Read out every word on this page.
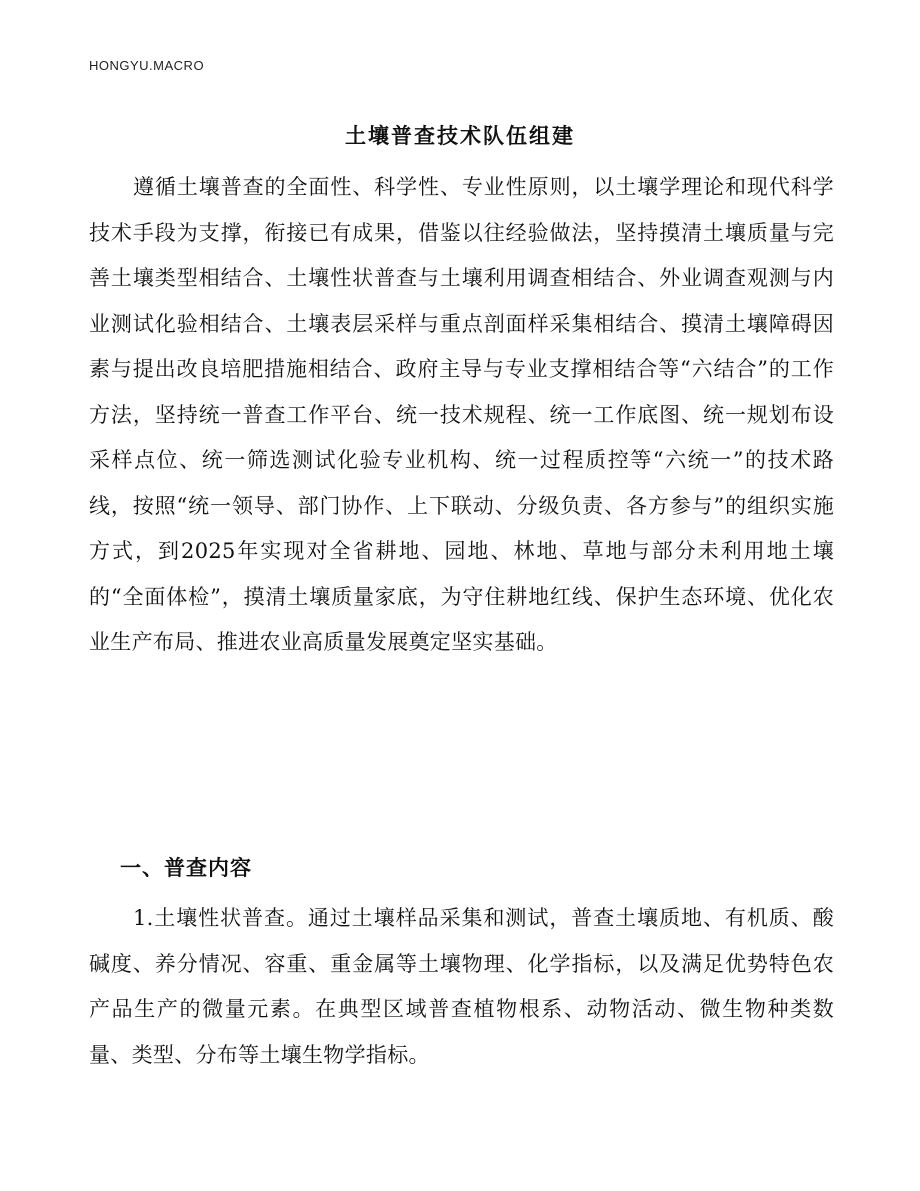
HONGYU.MACRO
土壤普查技术队伍组建

遵循土壤普查的全面性、科学性、专业性原则，以土壤学理论和现代科学技术手段为支撑，衔接已有成果，借鉴以往经验做法，坚持摸清土壤质量与完善土壤类型相结合、土壤性状普查与土壤利用调查相结合、外业调查观测与内业测试化验相结合、土壤表层采样与重点剖面样采集相结合、摸清土壤障碍因素与提出改良培肥措施相结合、政府主导与专业支撑相结合等“六结合”的工作方法，坚持统一普查工作平台、统一技术规程、统一工作底图、统一规划布设采样点位、统一筛选测试化验专业机构、统一过程质控等“六统一”的技术路线，按照“统一领导、部门协作、上下联动、分级负责、各方参与”的组织实施方式，到2025年实现对全省耕地、园地、林地、草地与部分未利用地土壤的“全面体检”，摸清土壤质量家底，为守住耕地红线、保护生态环境、优化农业生产布局、推进农业高质量发展奠定坚实基础。

一、普查内容

1.土壤性状普查。通过土壤样品采集和测试，普查土壤质地、有机质、酸碱度、养分情况、容重、重金属等土壤物理、化学指标，以及满足优势特色农产品生产的微量元素。在典型区域普查植物根系、动物活动、微生物种类数量、类型、分布等土壤生物学指标。
